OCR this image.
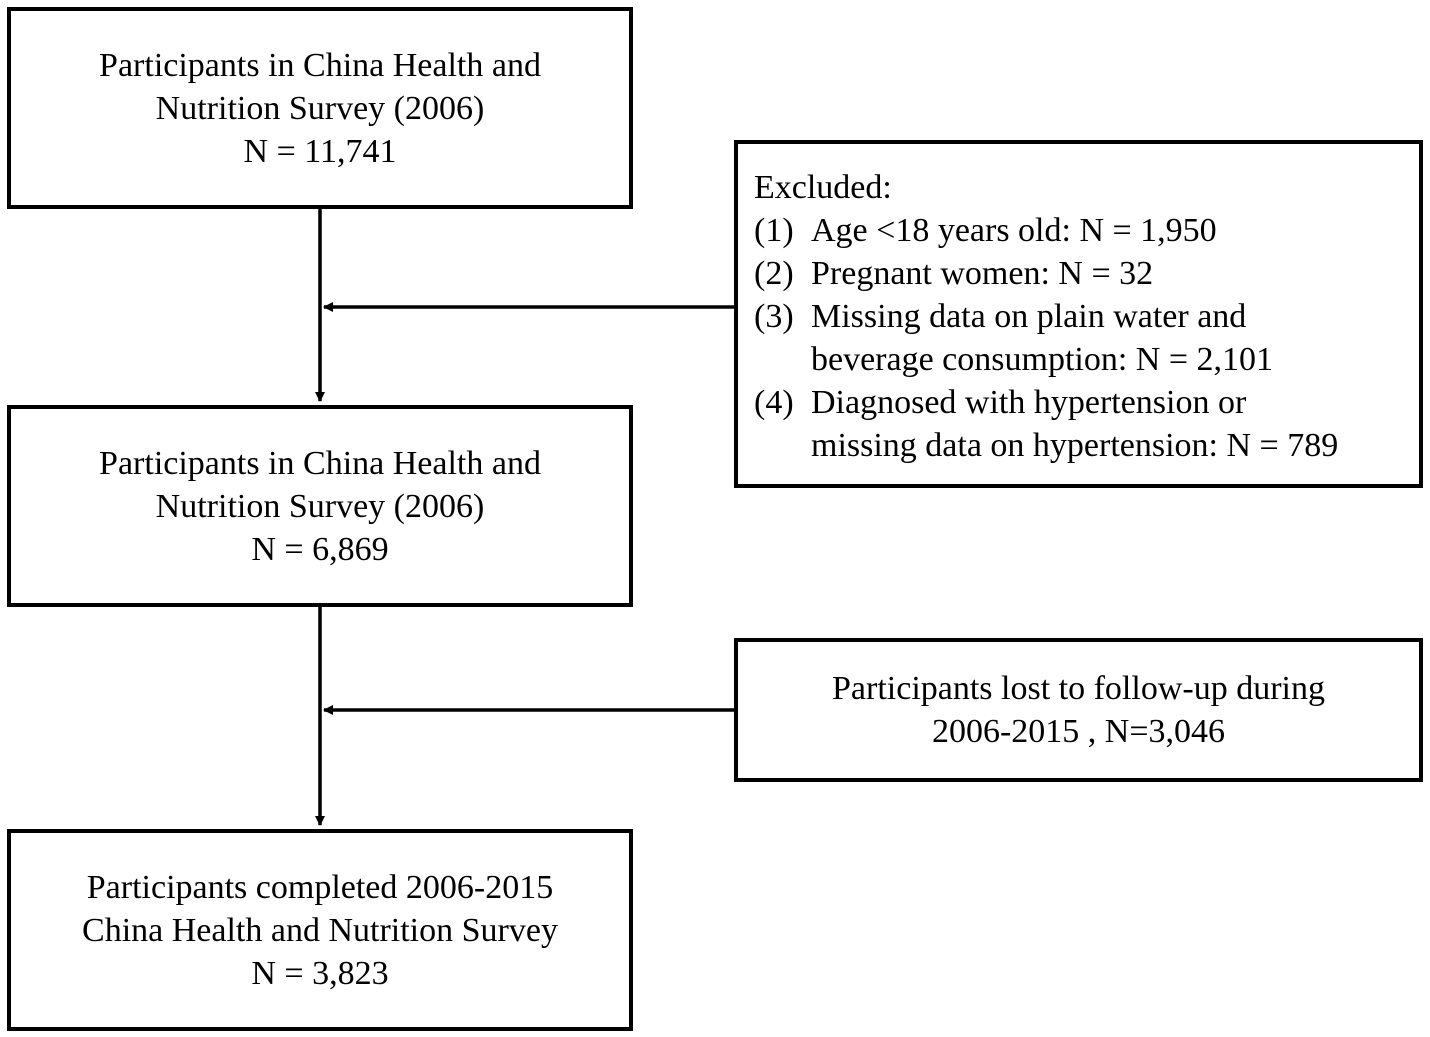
Participants in China Health and
Nutrition Survey (2006)
N = 11,741
Excluded:
(1) Age <18 years old: N = 1,950
(2) Pregnant women: N = 32
(3) Missing data on plain water and
beverage consumption: N = 2,101
(4) Diagnosed with hypertension or
missing data on hypertension: N = 789
Participants in China Health and
Nutrition Survey (2006)
N = 6,869
Participants lost to follow-up during
2006-2015 , N=3,046
Participants completed 2006-2015
China Health and Nutrition Survey
N = 3,823
